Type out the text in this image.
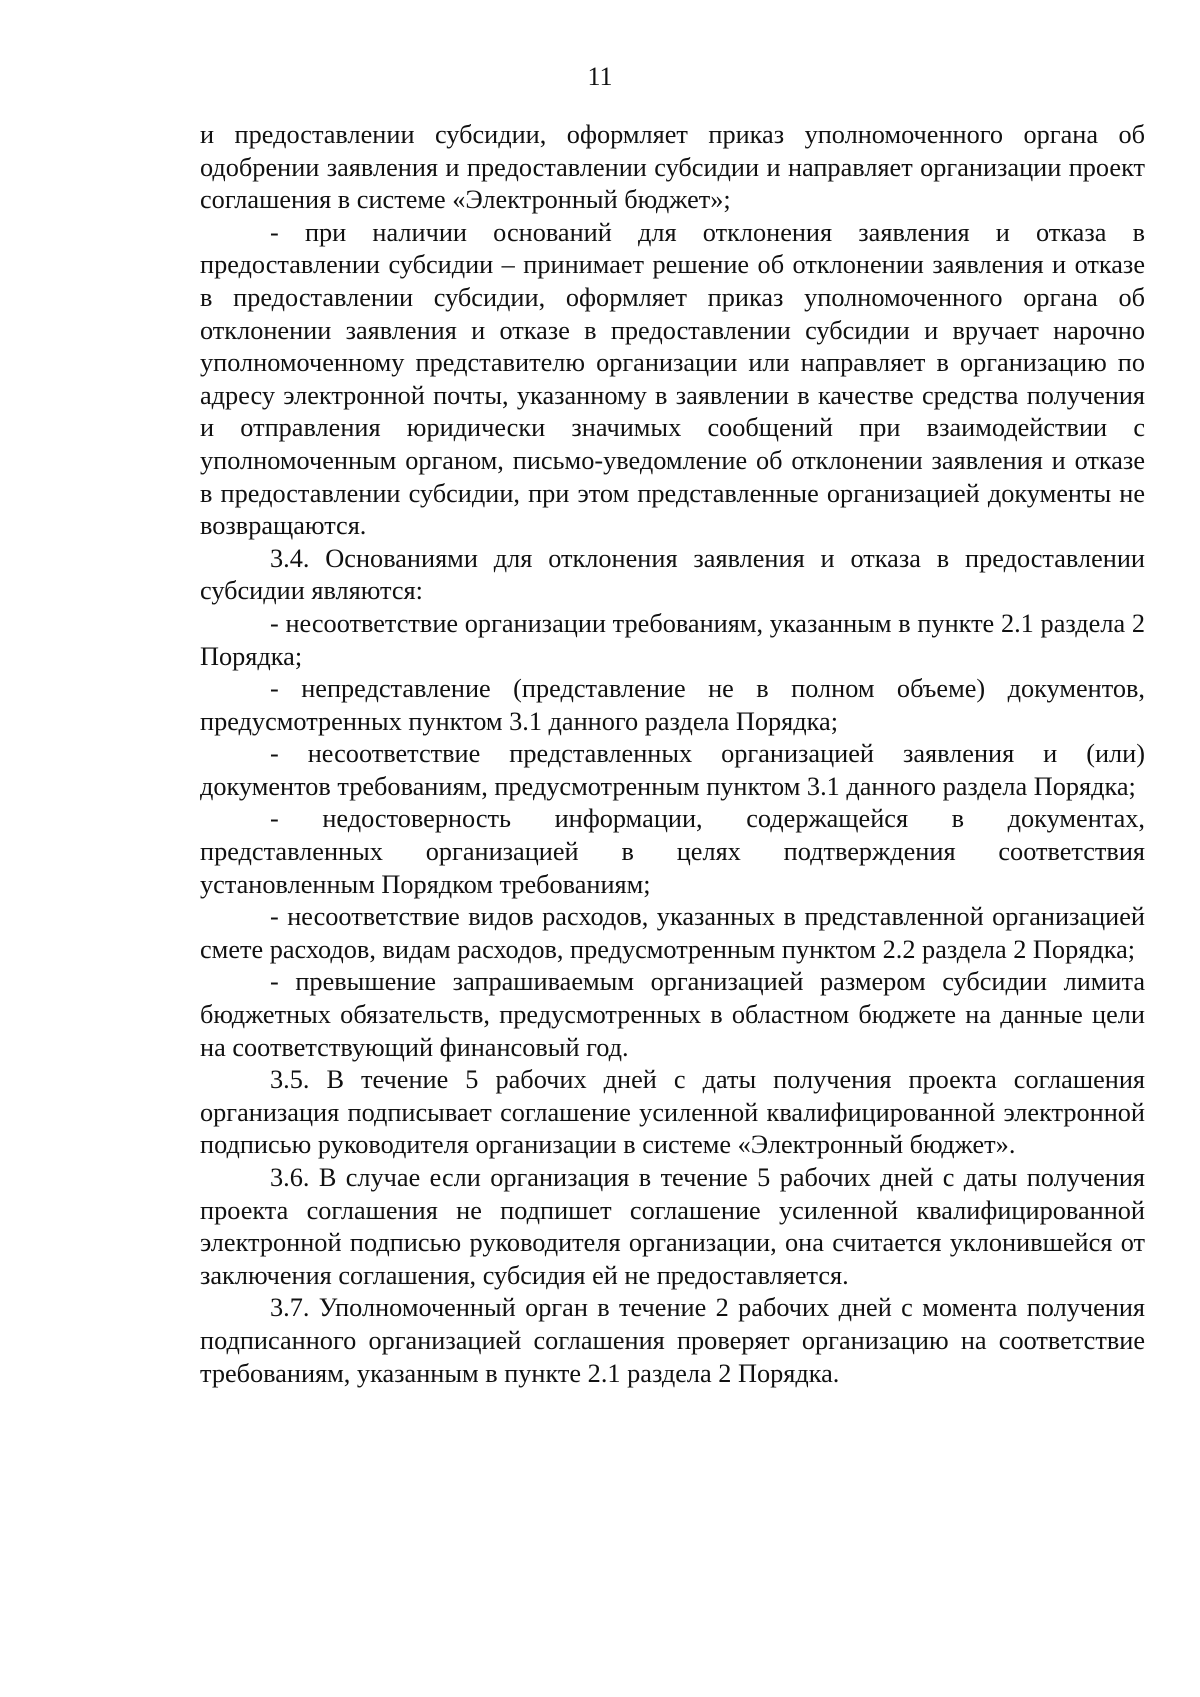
11

и предоставлении субсидии, оформляет приказ уполномоченного органа об одобрении заявления и предоставлении субсидии и направляет организации проект соглашения в системе «Электронный бюджет»;

- при наличии оснований для отклонения заявления и отказа в предоставлении субсидии – принимает решение об отклонении заявления и отказе в предоставлении субсидии, оформляет приказ уполномоченного органа об отклонении заявления и отказе в предоставлении субсидии и вручает нарочно уполномоченному представителю организации или направляет в организацию по адресу электронной почты, указанному в заявлении в качестве средства получения и отправления юридически значимых сообщений при взаимодействии с уполномоченным органом, письмо-уведомление об отклонении заявления и отказе в предоставлении субсидии, при этом представленные организацией документы не возвращаются.

3.4. Основаниями для отклонения заявления и отказа в предоставлении субсидии являются:

- несоответствие организации требованиям, указанным в пункте 2.1 раздела 2 Порядка;

- непредставление (представление не в полном объеме) документов, предусмотренных пунктом 3.1 данного раздела Порядка;

- несоответствие представленных организацией заявления и (или) документов требованиям, предусмотренным пунктом 3.1 данного раздела Порядка;

- недостоверность информации, содержащейся в документах, представленных организацией в целях подтверждения соответствия установленным Порядком требованиям;

- несоответствие видов расходов, указанных в представленной организацией смете расходов, видам расходов, предусмотренным пунктом 2.2 раздела 2 Порядка;

- превышение запрашиваемым организацией размером субсидии лимита бюджетных обязательств, предусмотренных в областном бюджете на данные цели на соответствующий финансовый год.

3.5. В течение 5 рабочих дней с даты получения проекта соглашения организация подписывает соглашение усиленной квалифицированной электронной подписью руководителя организации в системе «Электронный бюджет».

3.6. В случае если организация в течение 5 рабочих дней с даты получения проекта соглашения не подпишет соглашение усиленной квалифицированной электронной подписью руководителя организации, она считается уклонившейся от заключения соглашения, субсидия ей не предоставляется.

3.7. Уполномоченный орган в течение 2 рабочих дней с момента получения подписанного организацией соглашения проверяет организацию на соответствие требованиям, указанным в пункте 2.1 раздела 2 Порядка.
